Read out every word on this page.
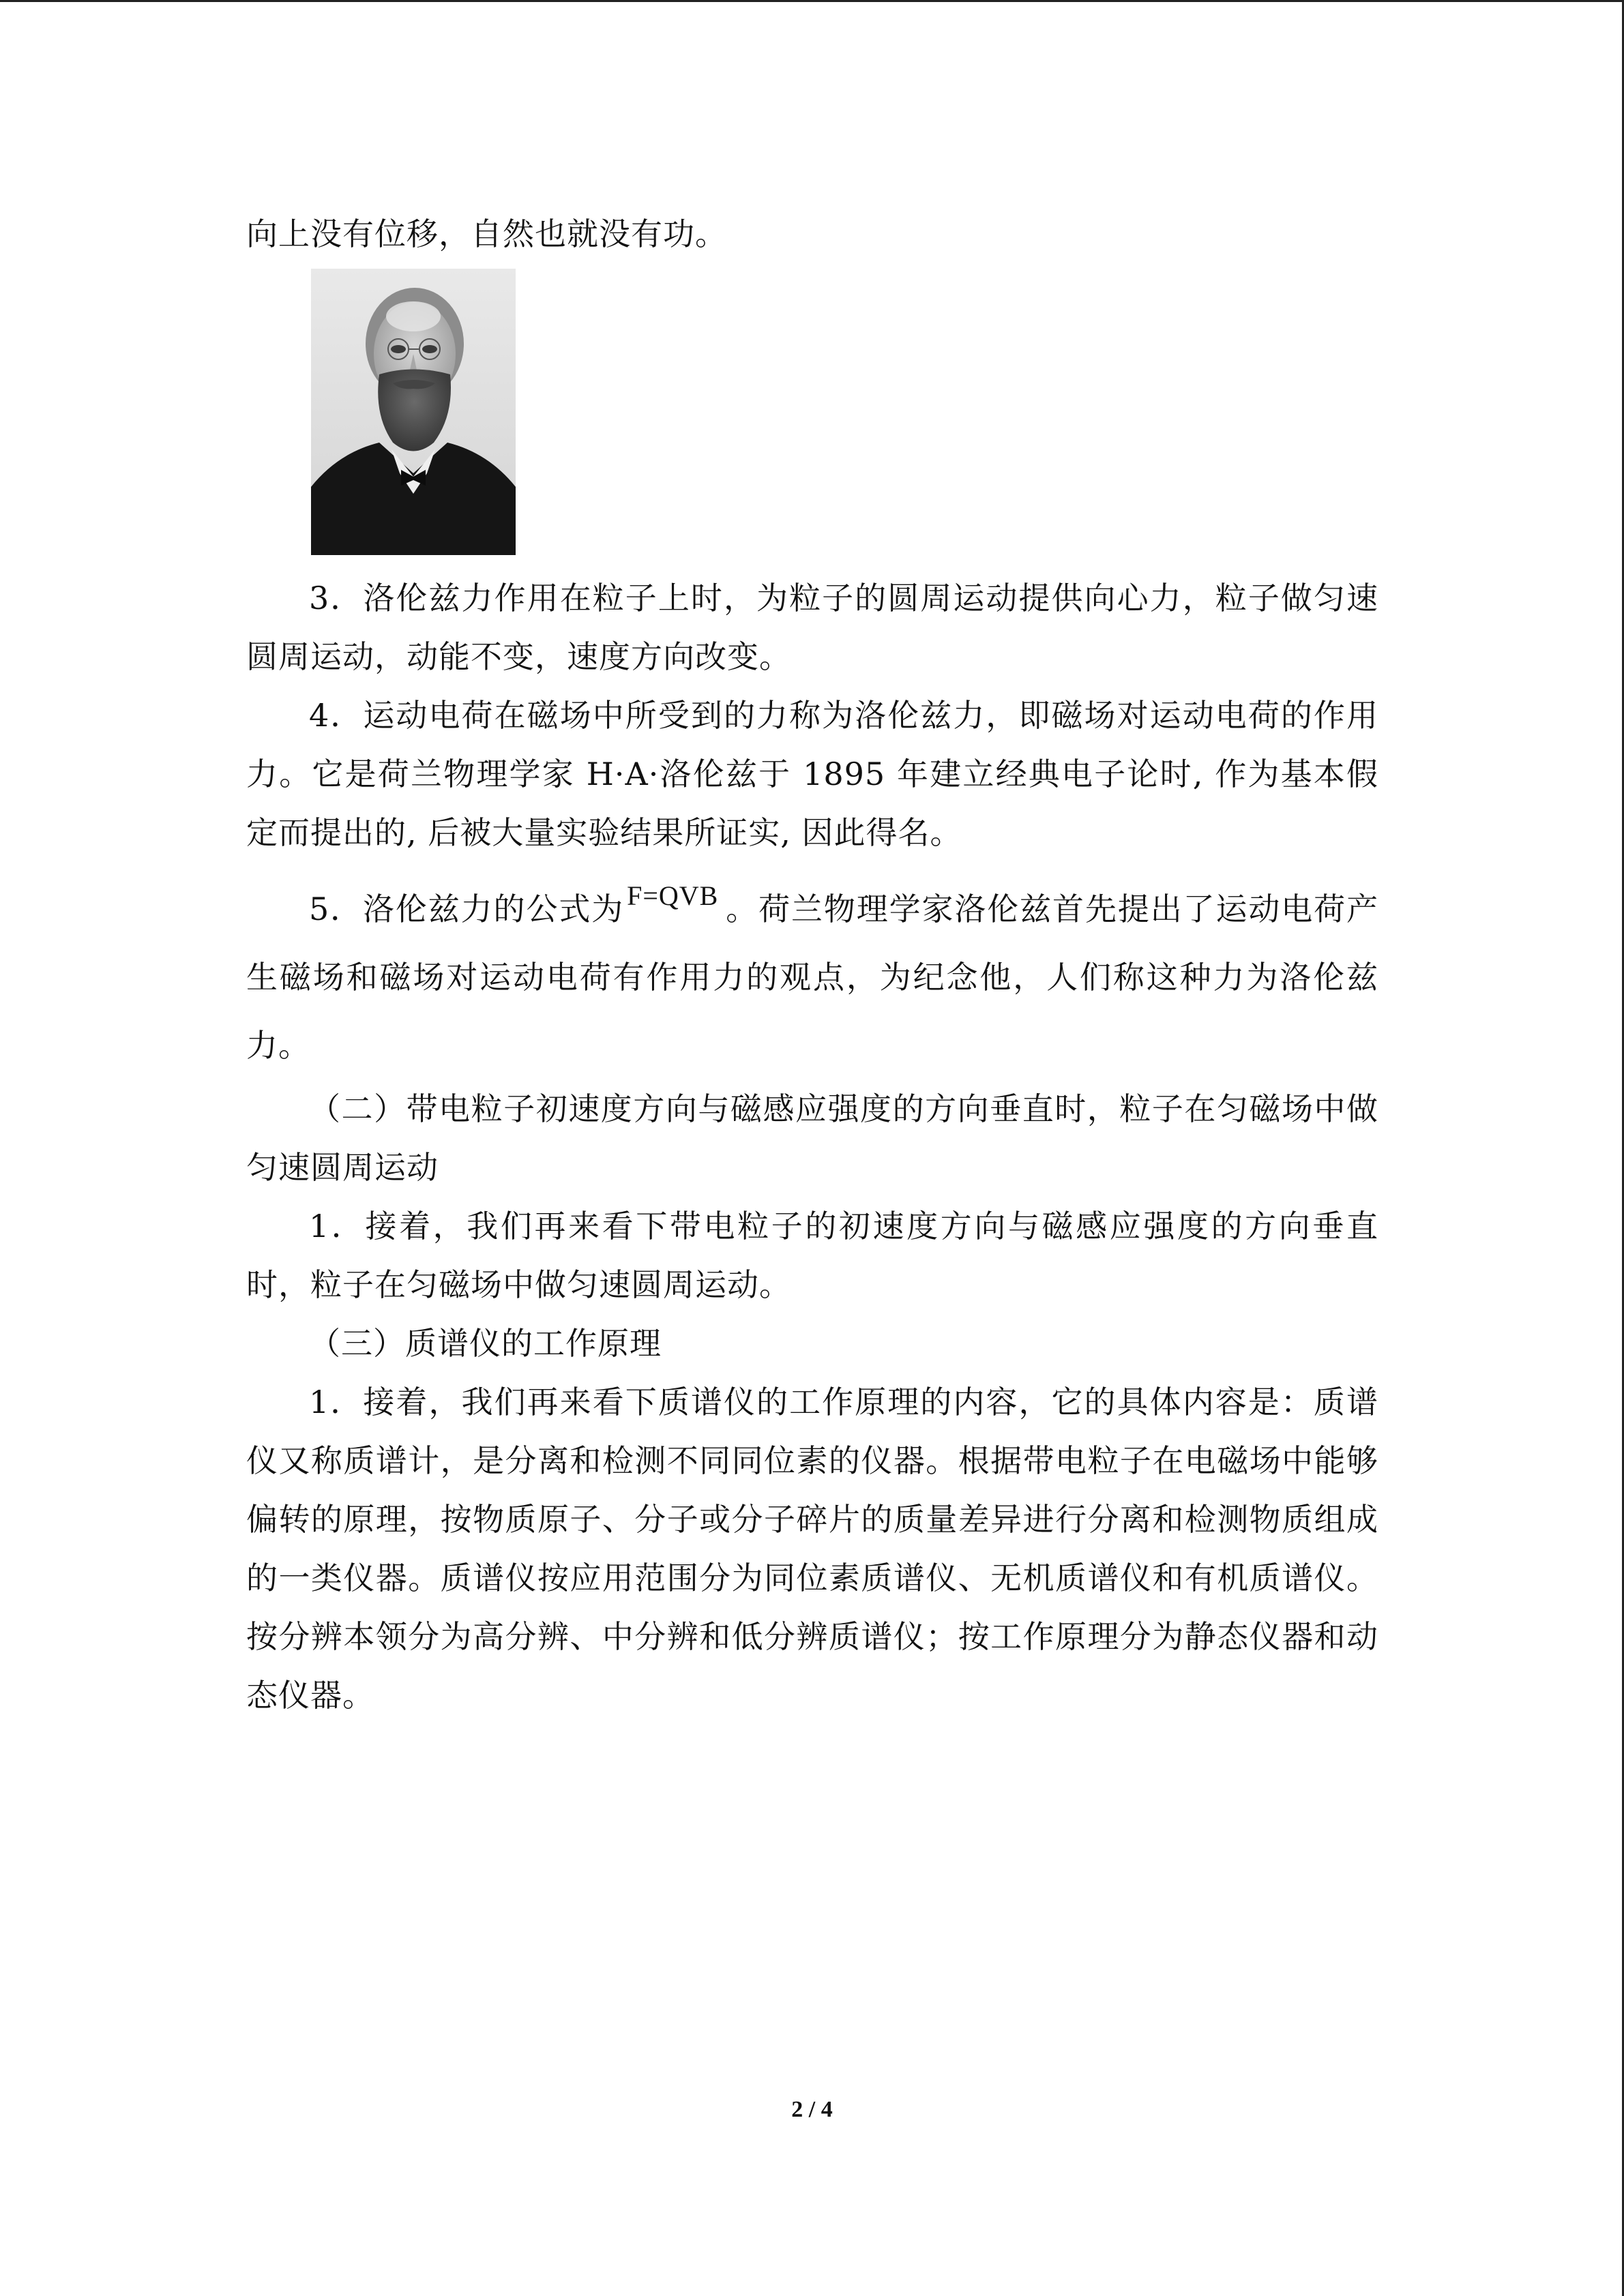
向上没有位移，自然也就没有功。

3．洛伦兹力作用在粒子上时，为粒子的圆周运动提供向心力，粒子做匀速圆周运动，动能不变，速度方向改变。

4．运动电荷在磁场中所受到的力称为洛伦兹力，即磁场对运动电荷的作用力。它是荷兰物理学家 H·A·洛伦兹于 1895 年建立经典电子论时, 作为基本假定而提出的, 后被大量实验结果所证实, 因此得名。

5．洛伦兹力的公式为 F=QVB 。荷兰物理学家洛伦兹首先提出了运动电荷产生磁场和磁场对运动电荷有作用力的观点，为纪念他，人们称这种力为洛伦兹力。

（二）带电粒子初速度方向与磁感应强度的方向垂直时，粒子在匀磁场中做匀速圆周运动

1．接着，我们再来看下带电粒子的初速度方向与磁感应强度的方向垂直时，粒子在匀磁场中做匀速圆周运动。

（三）质谱仪的工作原理

1．接着，我们再来看下质谱仪的工作原理的内容，它的具体内容是：质谱仪又称质谱计，是分离和检测不同同位素的仪器。根据带电粒子在电磁场中能够偏转的原理，按物质原子、分子或分子碎片的质量差异进行分离和检测物质组成的一类仪器。质谱仪按应用范围分为同位素质谱仪、无机质谱仪和有机质谱仪。按分辨本领分为高分辨、中分辨和低分辨质谱仪；按工作原理分为静态仪器和动态仪器。

2 / 4
